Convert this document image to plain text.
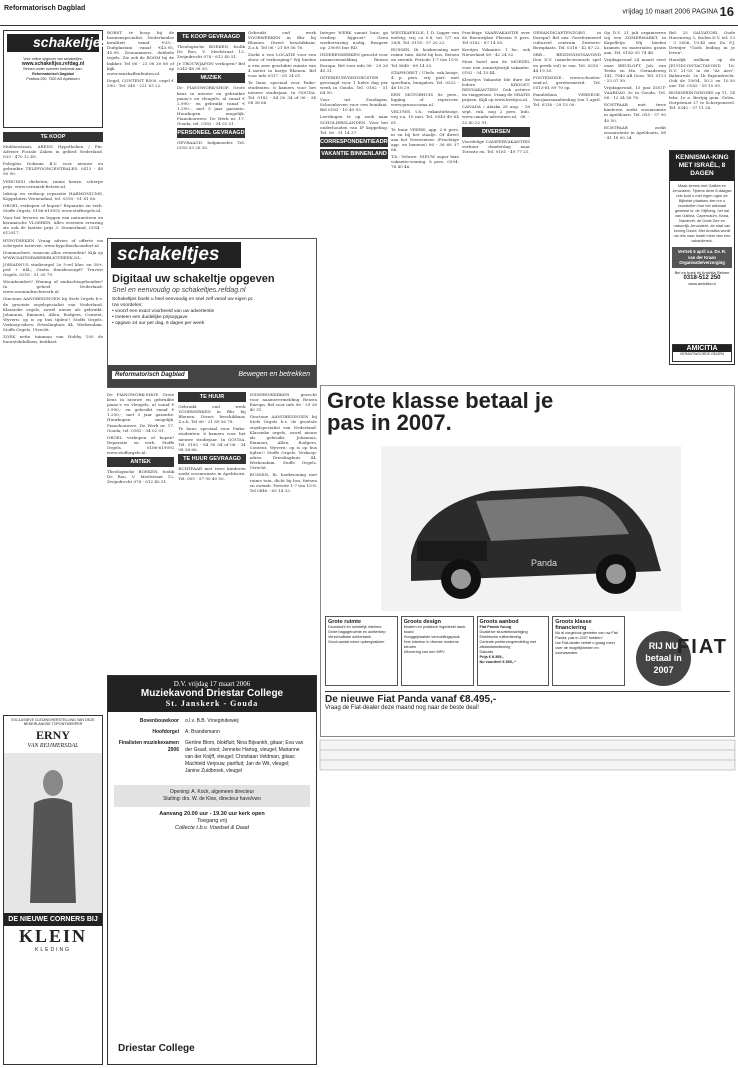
Reformatorisch Dagblad	vrijdag 10 maart 2006 PAGINA 16
schakeltjes
Voor online opgeven van schakeltjes:
www.schakeltjes.refdag.nl
Binnen onder nummer toekomst aan:
Reformatorisch Dagblad
Postbus 290, 7300 AG Apeldoorn
TE KOOP

Muldonstraat, ARENS Hypotheken / Fin. Adviser Fociale Zaken in gebied Nederland. 033 - 470 12 49.

Polisplus Doksum B.V. voor nieuwe en gebruikte TELEFOONCENTRALES. 0413 - 48 90 90.

VERUNISI dieheten, ruime keuze, scherpe prijs. www.veruniek-fietsen.nl.

Inkoop en verkoop reparatie HARMONIUMS, Koppeluten Veenendaal, tel. 0318 - 51 81 80.

ORGEL verkopen of kopen? Reparatie en verh. Stoffe Orgels, 0186-619092 www.stofforgels.nl.

Voor het leveren en leggen van natuursteen en keramische VLOEREN. Alles overzien ervaring zie ook de laatste prijs 3. Stomerland, 0184 - 612917.

HYPOTHEKEN Vraag advies of offerte via scherpste tarieven. www.hypotheekcomfort.nl.

Dommacbert, waarom alles verzenden? Kijk op WWW.DATESPAREBIBLIOTHEEK.NL.

JORIADNUS studieorgel 2e 5-rel klav. en 38-t. ped + 64L; Gratis thuisbezorgd? Truvest Orgels, 0318 - 51 30 79.

Woonkomfort? Woning of ambachtsgebonden? In geheel Nederland: www.woonindrachtwerk.nl.

Ginctone AANGBEDINGEN bij Stofs Orgels b.v. de grootste orgelspecialist van Nederland. Klassieke orgels, zowel nieuw als gebruikt. Johannus, Eminent, Allen, Rodgers, Content, Wyvern: op is op bus tijden!! Stoffs Orgels. Verkoop-adres: Drieslinghuis 44, Werkendam. Stoffs Orgels, Utrecht.

ZOEK nette tuinman van Hobby 100 de huurstsbdullnen, buitkast.

BORST te koop bij de bonnenspecialist, Nederlandse kwaliteit vanaf €35,-. Duitplastam vanaf €43.95, 45.95. Zesnummers, dubbele tegels. Zie ook de ROOM bij de bakker. Tel 06 - 23 06 30 80 of kijk op www.ranzhaffenbuiten.nl.

Degel, CONTENT R500, orgel € 590,- Tel. 040 - 221 63 22.

TE KOOP GEVRAAGD

Theologische BOEKEN, foolik De Roo, V. Meelstraat 12, Zwijndrecht 078 - 612 40 51.

Je TROUWJAPON verkopen? Bel 0342-48 38 50.

MUZIEK

De PIANOWORK-SHOP. Grote keus in nieuwe en gebruikte piano's en vleugels, al vanaf € 2.990,- en gebruikt vanaf € 1.290,-, met 5 jaar garantie. Huurkopen mogelijk. Pianobouwers. De Werk nr. 17, Gouda; tel. 0182 - 34 02 01.

PERSONEEL GEVRAAGD

GEVRAAGD: hulpmoeder. Tel. 0182-53 26 35.

Gebruikt oud werk VOORWERKEN in Bhr bij Rhenen. Direct beschikbaar, Z.z.h. Tel 06 - 21 89 56 78.

Zoekt u een LOCATIE voor een show of verkooping? Wij bieden u een zeer geschikte ruimte van 4 meter in hartje Rhenen. Bel voor info 0317 - 61 24 61.

Te huur, speciaal voor Paiko-studenten: 6 kamers voor het nieuwe studiejaar. In GOUDA. Tel. 0182 - 84 50 34 of 06 - 34 08 38 66.

schakeltjes
Digitaal uw schakeltje opgeven
Snel en eenvoudig op schakeltjes.refdag.nl
Schakeltjes boekt u heel eenvoudig en snel zelf vanaf uw eigen pc
Uw voordelen:
• voorzf een exact voorbeeld van uw advertentie
• meteen een duidelijke prijsopgave
• opgave 24 uur per dag, 6 dagen per week
Reformatorisch Dagblad	Bewegen en betrekken

Integer WERK vanuit huis; ga verdiep bijgroei? Geen werkervaring nodig. Reageer op: 29095 bur RD.

INDERENKERKEN gezocht voor naamsvermelding Reizen Europa. Bel voor info 06 - 29 26 40 31.

INTERIEURVERZORGSTER gevraagd voor 1 halve dag per week in Gouda. Tel. 0182 - 51 64 50.

Voor inf. Zondagen, Schoonhoven voor een bonifaat. Bel 0183 - 10 40 93.

Leerlingen te op zoek naar SCHOLIERSLANDEN. Voor het onderhouden van IP koppeling. Tel. 06 - 51 14 37.

CORRESPONDENTIEADRESSEN
VAKANTIE BINNENLAND

WESTKAPELLE, 1 D. Ligger van melvig, vrij ca 0.8, tot 7/7 en 28/8. Tel. 0118 - 57 20 22.

RUSSEN, Ib. hoekwoning met ruime tuin, dicht bij bos, fietsen en zwemb. Periode 1-7 t/m 15-8. Tel 0848 - 69 14 33.

STAPHORST / Ubels. vak.huisje, 4 p. pers. vrij part. met speeltuin, bungalow. Tel. 0522 - 46 18 29.

EEN MOTORHUIS 8e pers., ligging of reperceer. www.preacocoma.nl.

VELUWE, t.h.: vakantiehuisje, vrij v.a. 10 mei. Tel. 0543-49 64 61.

Te huur VEERE: app. 2-6 pers. in en bij het staalje. Of direct aan het Veersemeer. (Prachtige app. en luxueus) 06 - 36 68 37 66.

T.h.: Veluwe: NIEUW super luxe vakantie-woning. 8 pers. 0394-76 40 46.

Prachtige VAARVAKANTIE over de Reeuwijkse Plassen 8 pers. Tel 0182 - 87 14 50.

Kreitjes Vakantie: 1 loc. ook Nieuwland 06 - 42 24 52.

Mooi hotel aan de MOEZEL voor een zonnetjesrijk vakantie. 0182 - 34 15 44.

Kleurtjes Vakantie Ide dure de ledere KROOST. RENVAKANTIES! Ook actieve en viaggetsen. Vraag de GRATIS prijzen. Kijk op www.kreitjes.nl.

CANADA / Alaska 28 aug. - 18 sept. ruk. nog 2 pers. Info. www.canada-adventure.nl. 06 - 33 40 52 91.

DIVERSEN

Voordelige CAMPERVAKANTIES verhuur donderdag naar Toronto en. Tel. 0181 - 49 77 21.

GEHANDICAPTENZORG in Europa? Bel ons: Gereformeerd cultureel centrum Zwitsers-Bornplaats. Tel. 0318 - 42 87 22.

SRB... BEZINNINGSAVOND Den D.V. (aanelectronisch spel en preek vol) te van. Tel. 0318 - 44 19 30.

POSTEMODE.. www.schoolen-senf.nl, gereformeerd. Tel. 0513-61 89 70 op.

Familiehuis VERDEGE, Voorjaarsaanbieding t/m 1 april. Tel. 0316 - 29 15 00.

Op D.V. 21 juli organiseren wij een ZOMERMARKT, in Kapelletje. Wij bieden kramen en materialen gratis aan. Tel. 0182-35 74 48.

Vrijdagavond 24 maart viert onze BRUILOFT, Joh. van Teeks en Ma. Geraadsweg 141, 7940 AB Goes. Tel. 0113 - 23 07 59.

Vrijdagavond, 15 juni ZOUT-VAARDAG 3e in Gouda. Tel. 06 - 12 34 56 78.

ECHTPAAR met twee kinderen zoekt woonruimte in Apeldoorn. Tel. 055 - 57 90 40 50.

ECHTPAAR zoekt woonruimte in Apeldoorn, 06 - 41 18 00 24.

Bel: 25 SALVATORI, Oude Havenweg 3, Stolen D.V. tel: 13 - 3 2006, 19.45 uur, Ds. P.J. Deteijer "Gods leiding in je leven".

Haralijk welkom op de JEUGDCONTACTAVOND 16, D.V. 21-03 in de "Ar Arsi", Balenresb. 2e 1b Papendrecht. Ook de 19/04, 30.3 en 10.30 uur. Tel. 0182 - 59 15 09.

BONDERINGSWORD op 11, 14 febr. 1e a. Bertjig gem. Gelen. Dorpstraat 27 te Scherpenzeel. Tel. 0342 - 37 11 26.

KENNISMA-KING MET ISRAËL, 8 DAGEN
Maak kennis met Galilea en Jeruzalem. Tijdens deze 8-daagse reis kunt u met eigen ogen de Bijbelse plaatsen zien en u voorstellen hoe het allemaal geweest is: de Olijfberg, het dal van Galilea, Capernaüm, Kana, Nazareth, de Dode Zee en natuurlijk Jeruzalem, de stad van koning David. Met Amicitia wordt uw reis naar Israël meer dan een vakantiereis.
Vertrek 5 april v.a. Dv. R. van der Kraan Organisatie/verzorging
Bel en boek bij Amicitia Reizen
0318-512 250
www.amicitia.nl
AMICITIA
VERANTWOORDE REIZEN

De PIANOWORK-SHOP. Grote keus in nieuwe en gebruikte piano's en vleugels, al vanaf € 2.990,- en gebruikt vanaf € 1.290,-, met 5 jaar garantie. Huurkopen mogelijk. Pianobouwers. De Werk nr. 17, Gouda; tel. 0182 - 34 02 01.

ORGEL verkopen of kopen? Reparatie en verh. Stoffe Orgels, 0186-619092 www.stofforgels.nl.

ANTIEK

Theologische BOEKEN, foolik De Roo, V. Meelstraat 12, Zwijndrecht 078 - 612 40 51.

TE HUUR

Gebruikt oud werk VOORWERKEN in Bhr bij Rhenen. Direct beschikbaar, Z.z.h. Tel 06 - 21 89 56 78.

Te huur, speciaal voor Paiko-studenten: 6 kamers voor het nieuwe studiejaar. In GOUDA. Tel. 0182 - 84 50 34 of 06 - 34 08 38 66.

TE HUUR GEVRAAGD

ECHTPAAR met twee kinderen zoekt woonruimte in Apeldoorn. Tel. 055 - 57 90 40 50.

INDERENKERKEN gezocht voor naamsvermelding Reizen Europa. Bel voor info 06 - 29 26 40 31.

Ginctone AANGBEDINGEN bij Stofs Orgels b.v. de grootste orgelspecialist van Nederland. Klassieke orgels, zowel nieuw als gebruikt. Johannus, Eminent, Allen, Rodgers, Content, Wyvern: op is op bus tijden!! Stoffs Orgels. Verkoop-adres: Drieslinghuis 44, Werkendam. Stoffs Orgels, Utrecht.

RUSSEN, Ib. hoekwoning met ruime tuin, dicht bij bos, fietsen en zwemb. Periode 1-7 t/m 15-8. Tel 0848 - 69 14 33.

Grote klasse betaal je pas in 2007.
Panda
Grote ruimte
Doordacht en ruimtelijk interieur
Grote bagageruimte en achterklep
Verschuifbare achterbank
Groot aantal ruime opbergvakken
Groots design
Modern en praktisch ingedeeld dash-board
Hooggeplaatste versnellingspook
Hoe interieur in diverse moderne kleuren
Uitvoering van een MPV
Groots aanbod
Fiat Panda Young
Dualdrive stuurbekrachtiging
Elektrische ruitbediening
Centrale portiervergrendeling met afstandsbediening
Dakrails
Prijs € 8.395,-
Nu voordeel € 800,-*
Groots klasse financiering
Nu al zorgeloos genieten van uw Fiat Panda, pas in 2007 betalen!
Uw Fiat-dealer vertelt u graag meer over de mogelijkheden en voorwaarden.
RIJ NU betaal in 2007
FIAT
De nieuwe Fiat Panda vanaf €8.495,-
Vraag de Fiat-dealer deze maand nog naar de beste deal!
EXCLUSIEVE CLEDINGHERSTELLING VAN DEZE NEDERLANDSE TOPONTWERPER
ERNY
VAN REIJMERSDAL
DE NIEUWE CORNERS BIJ
KLEIN
KLEDING
D.V. vrijdag 17 maart 2006
Muziekavond Driestar College
St. Janskerk - Gouda
Bovenbouwkoor o.l.v. B.B. Vroegindeweij
Hoofdorgel A. Brandemann
Finalisten muziekexamen 2006
Gertine Blom, blokfluit; Nina Bijvankh, gitaar; Eva van der Graaf, viool; Jenneke Hartog, vleugel; Marianne van der Knijff, vleugel; Christiaan Veldman, gitaar; Machteld Verjouw, panfluit; Jan de Wit, vleugel; Janine Zuidbroek, vleugel
Opening: A. Kock, algemeen directeur
Sluiting: drs. W. de Kloe, directeur havo/vwo
Aanvang 20.00 uur - 19.30 uur kerk open
Toegang vrij
Collecte t.b.v. Voedsel & Daad
Driestar College
